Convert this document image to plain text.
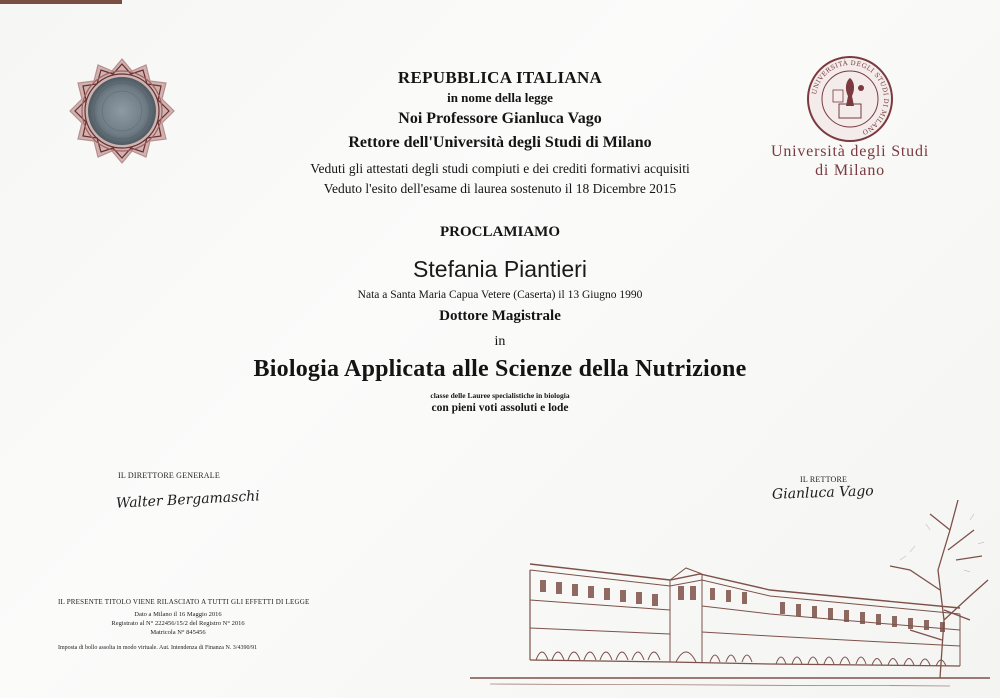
REPUBBLICA ITALIANA
in nome della legge
Noi Professore Gianluca Vago
Rettore dell'Università degli Studi di Milano
Veduti gli attestati degli studi compiuti e dei crediti formativi acquisiti
Veduto l'esito dell'esame di laurea sostenuto il 18 Dicembre 2015
PROCLAMIAMO
Stefania Piantieri
Nata a Santa Maria Capua Vetere (Caserta) il 13 Giugno 1990
Dottore Magistrale
in
Biologia Applicata alle Scienze della Nutrizione
classe delle Lauree specialistiche in biologia
con pieni voti assoluti e lode
UNIVERSITÀ DEGLI STUDI DI MILANO
Università degli Studi
di Milano
IL DIRETTORE GENERALE
Walter Bergamaschi
IL RETTORE
Gianluca Vago
IL PRESENTE TITOLO VIENE RILASCIATO A TUTTI GLI EFFETTI DI LEGGE
Dato a Milano il 16 Maggio 2016
Registrato al N° 222456/15/2 del Registro N° 2016
Matricola N° 845456
Imposta di bollo assolta in modo virtuale. Aut. Intendenza di Finanza N. 3/4390/91
